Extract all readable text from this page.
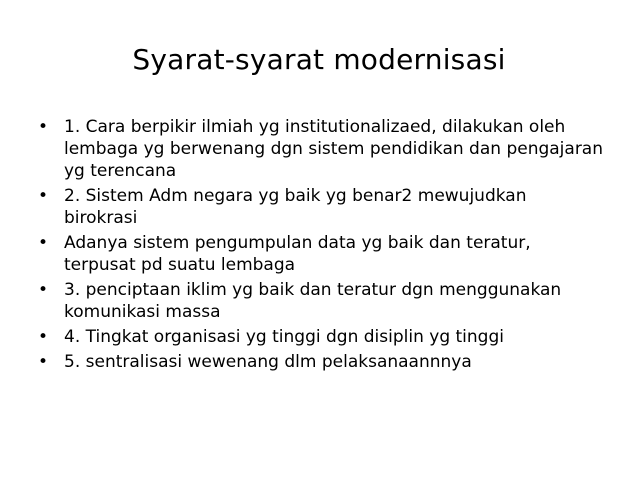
Syarat-syarat modernisasi
• 1. Cara berpikir ilmiah yg institutionalizaed, dilakukan oleh lembaga yg berwenang dgn sistem pendidikan dan pengajaran yg terencana
• 2. Sistem Adm negara yg baik yg benar2 mewujudkan birokrasi
• Adanya sistem pengumpulan data yg baik dan teratur, terpusat pd suatu lembaga
• 3. penciptaan iklim yg baik dan teratur dgn menggunakan komunikasi massa
• 4. Tingkat organisasi yg tinggi dgn disiplin yg tinggi
• 5. sentralisasi wewenang dlm pelaksanaannnya
